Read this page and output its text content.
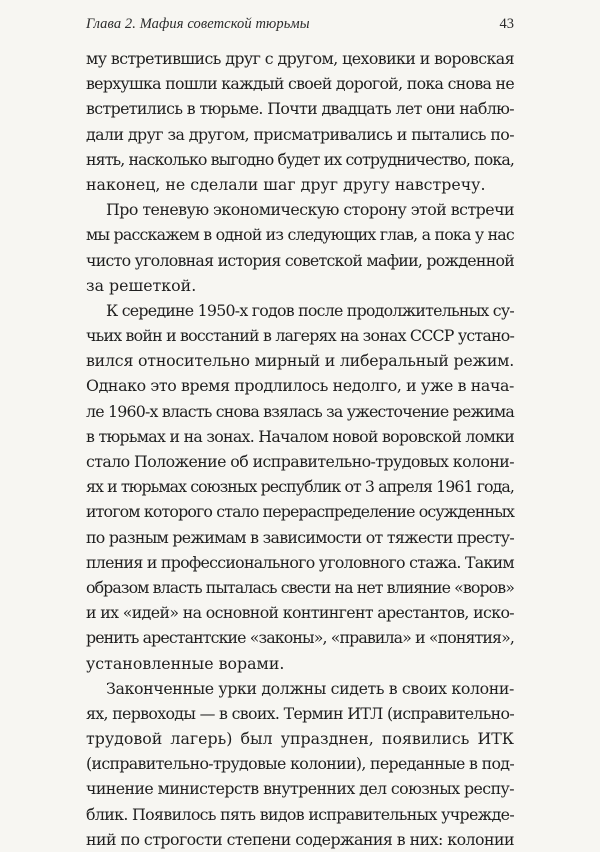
Глава 2. Мафия советской тюрьмы	43
му встретившись друг с другом, цеховики и воровская
верхушка пошли каждый своей дорогой, пока снова не
встретились в тюрьме. Почти двадцать лет они наблю-
дали друг за другом, присматривались и пытались по-
нять, насколько выгодно будет их сотрудничество, пока,
наконец, не сделали шаг друг другу навстречу.
Про теневую экономическую сторону этой встречи
мы расскажем в одной из следующих глав, а пока у нас
чисто уголовная история советской мафии, рожденной
за решеткой.
К середине 1950-х годов после продолжительных су-
чьих войн и восстаний в лагерях на зонах СССР устано-
вился относительно мирный и либеральный режим.
Однако это время продлилось недолго, и уже в нача-
ле 1960-х власть снова взялась за ужесточение режима
в тюрьмах и на зонах. Началом новой воровской ломки
стало Положение об исправительно-трудовых колони-
ях и тюрьмах союзных республик от 3 апреля 1961 года,
итогом которого стало перераспределение осужденных
по разным режимам в зависимости от тяжести престу-
пления и профессионального уголовного стажа. Таким
образом власть пыталась свести на нет влияние «воров»
и их «идей» на основной контингент арестантов, иско-
ренить арестантские «законы», «правила» и «понятия»,
установленные ворами.
Законченные урки должны сидеть в своих колони-
ях, первоходы — в своих. Термин ИТЛ (исправительно-
трудовой лагерь) был упразднен, появились ИТК
(исправительно-трудовые колонии), переданные в под-
чинение министерств внутренних дел союзных респу-
блик. Появилось пять видов исправительных учрежде-
ний по строгости степени содержания в них: колонии
